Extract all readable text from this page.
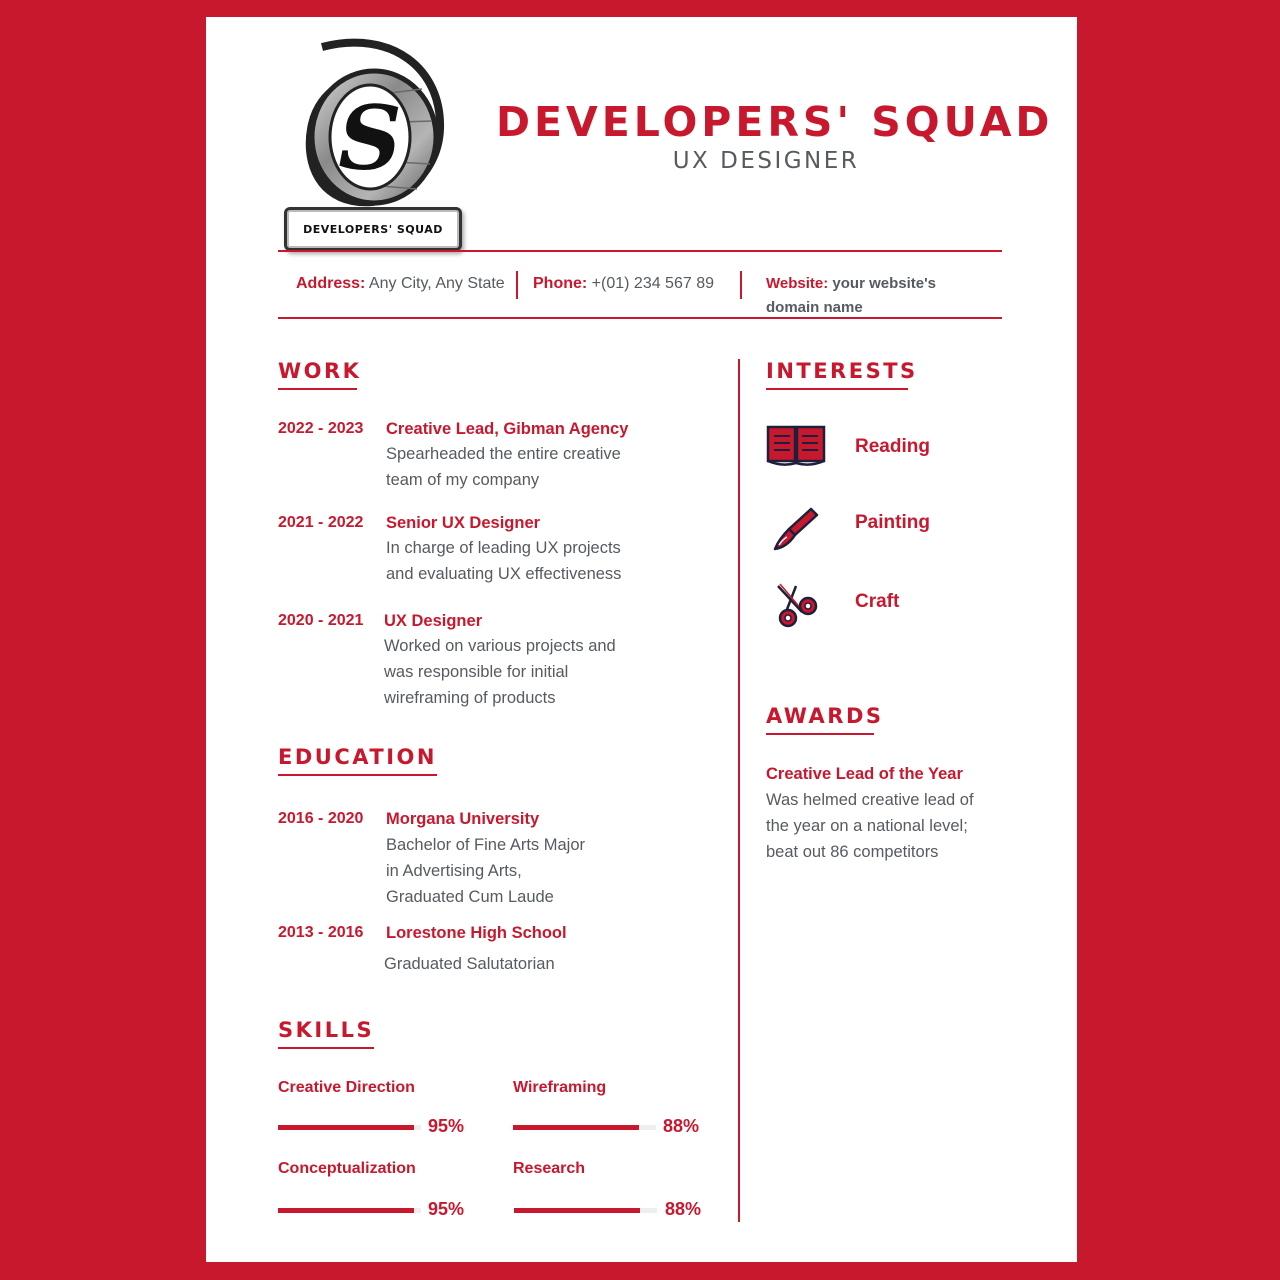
S
DEVELOPERS' SQUAD
DEVELOPERS' SQUAD
UX DESIGNER
Address: Any City, Any State Phone: +(01) 234 567 89	Website: your website's
domain name
WORK
2022 - 2023 Creative Lead, Gibman Agency
Spearheaded the entire creative
team of my company
2021 - 2022 Senior UX Designer
In charge of leading UX projects
and evaluating UX effectiveness
2020 - 2021 UX Designer
Worked on various projects and
was responsible for initial
wireframing of products
EDUCATION
2016 - 2020 Morgana University
Bachelor of Fine Arts Major
in Advertising Arts,
Graduated Cum Laude
2013 - 2016 Lorestone High School
Graduated Salutatorian
SKILLS
Creative Direction
95%
Wireframing
88%
Conceptualization
95%
Research
88%
INTERESTS
Reading
Painting
Craft
AWARDS
Creative Lead of the Year
Was helmed creative lead of
the year on a national level;
beat out 86 competitors
